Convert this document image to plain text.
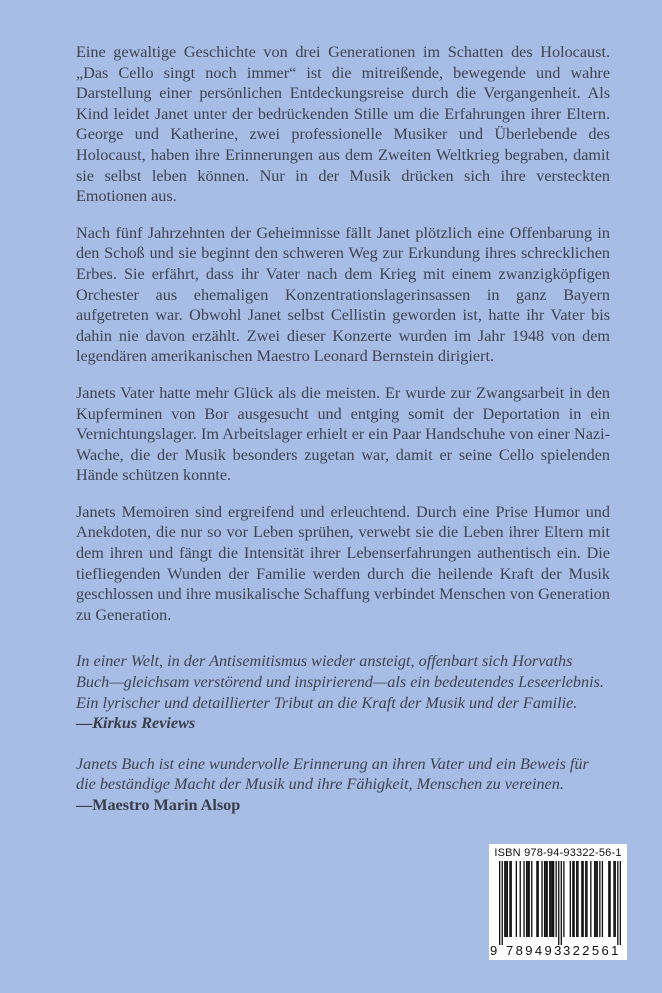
Eine gewaltige Geschichte von drei Generationen im Schatten des Holocaust. „Das Cello singt noch immer“ ist die mitreißende, bewegende und wahre Darstellung einer persönlichen Entdeckungsreise durch die Vergangenheit. Als Kind leidet Janet unter der bedrückenden Stille um die Erfahrungen ihrer Eltern. George und Katherine, zwei professionelle Musiker und Überlebende des Holocaust, haben ihre Erinnerungen aus dem Zweiten Weltkrieg begraben, damit sie selbst leben können. Nur in der Musik drücken sich ihre versteckten Emotionen aus.

Nach fünf Jahrzehnten der Geheimnisse fällt Janet plötzlich eine Offenbarung in den Schoß und sie beginnt den schweren Weg zur Erkundung ihres schrecklichen Erbes. Sie erfährt, dass ihr Vater nach dem Krieg mit einem zwanzigköpfigen Orchester aus ehemaligen Konzentrationslagerinsassen in ganz Bayern aufgetreten war. Obwohl Janet selbst Cellistin geworden ist, hatte ihr Vater bis dahin nie davon erzählt. Zwei dieser Konzerte wurden im Jahr 1948 von dem legendären amerikanischen Maestro Leonard Bernstein dirigiert.

Janets Vater hatte mehr Glück als die meisten. Er wurde zur Zwangsarbeit in den Kupferminen von Bor ausgesucht und entging somit der Deportation in ein Vernichtungslager. Im Arbeitslager erhielt er ein Paar Handschuhe von einer Nazi-Wache, die der Musik besonders zugetan war, damit er seine Cello spielenden Hände schützen konnte.

Janets Memoiren sind ergreifend und erleuchtend. Durch eine Prise Humor und Anekdoten, die nur so vor Leben sprühen, verwebt sie die Leben ihrer Eltern mit dem ihren und fängt die Intensität ihrer Lebenserfahrungen authentisch ein. Die tiefliegenden Wunden der Familie werden durch die heilende Kraft der Musik geschlossen und ihre musikalische Schaffung verbindet Menschen von Generation zu Generation.

In einer Welt, in der Antisemitismus wieder ansteigt, offenbart sich Horvaths

Buch—gleichsam verstörend und inspirierend—als ein bedeutendes Leseerlebnis.

Ein lyrischer und detaillierter Tribut an die Kraft der Musik und der Familie.

—Kirkus Reviews

Janets Buch ist eine wundervolle Erinnerung an ihren Vater und ein Beweis für

die beständige Macht der Musik und ihre Fähigkeit, Menschen zu vereinen.

—Maestro Marin Alsop

ISBN 978-94-93322-56-1
9 789493 322561
